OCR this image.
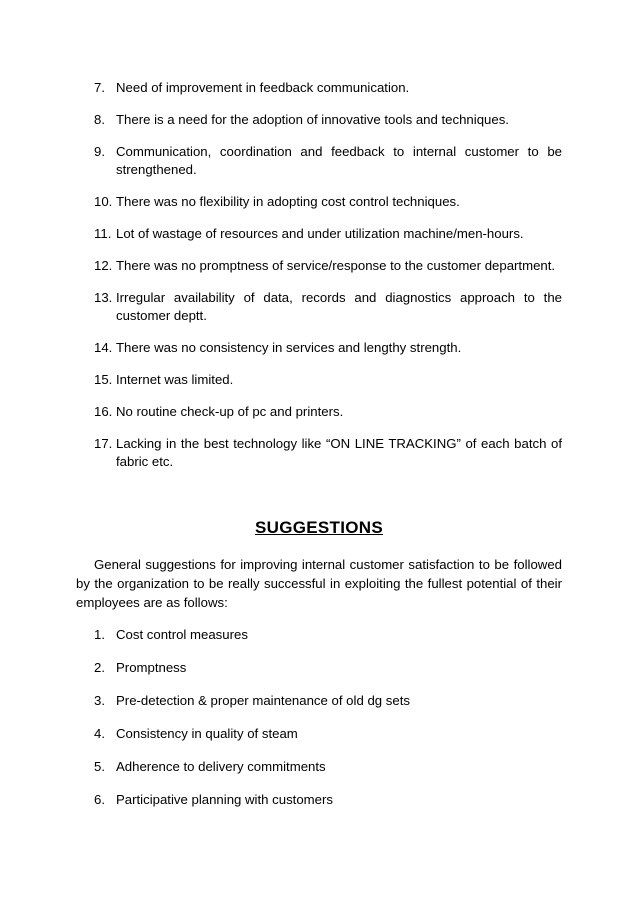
7. Need of improvement in feedback communication.
8. There is a need for the adoption of innovative tools and techniques.
9. Communication, coordination and feedback to internal customer to be strengthened.
10. There was no flexibility in adopting cost control techniques.
11. Lot of wastage of resources and under utilization machine/men-hours.
12. There was no promptness of service/response to the customer department.
13. Irregular availability of data, records and diagnostics approach to the customer deptt.
14. There was no consistency in services and lengthy strength.
15. Internet was limited.
16. No routine check-up of pc and printers.
17. Lacking in the best technology like “ON LINE TRACKING” of each batch of fabric etc.
SUGGESTIONS

General suggestions for improving internal customer satisfaction to be followed by the organization to be really successful in exploiting the fullest potential of their employees are as follows:

1. Cost control measures
2. Promptness
3. Pre-detection & proper maintenance of old dg sets
4. Consistency in quality of steam
5. Adherence to delivery commitments
6. Participative planning with customers
